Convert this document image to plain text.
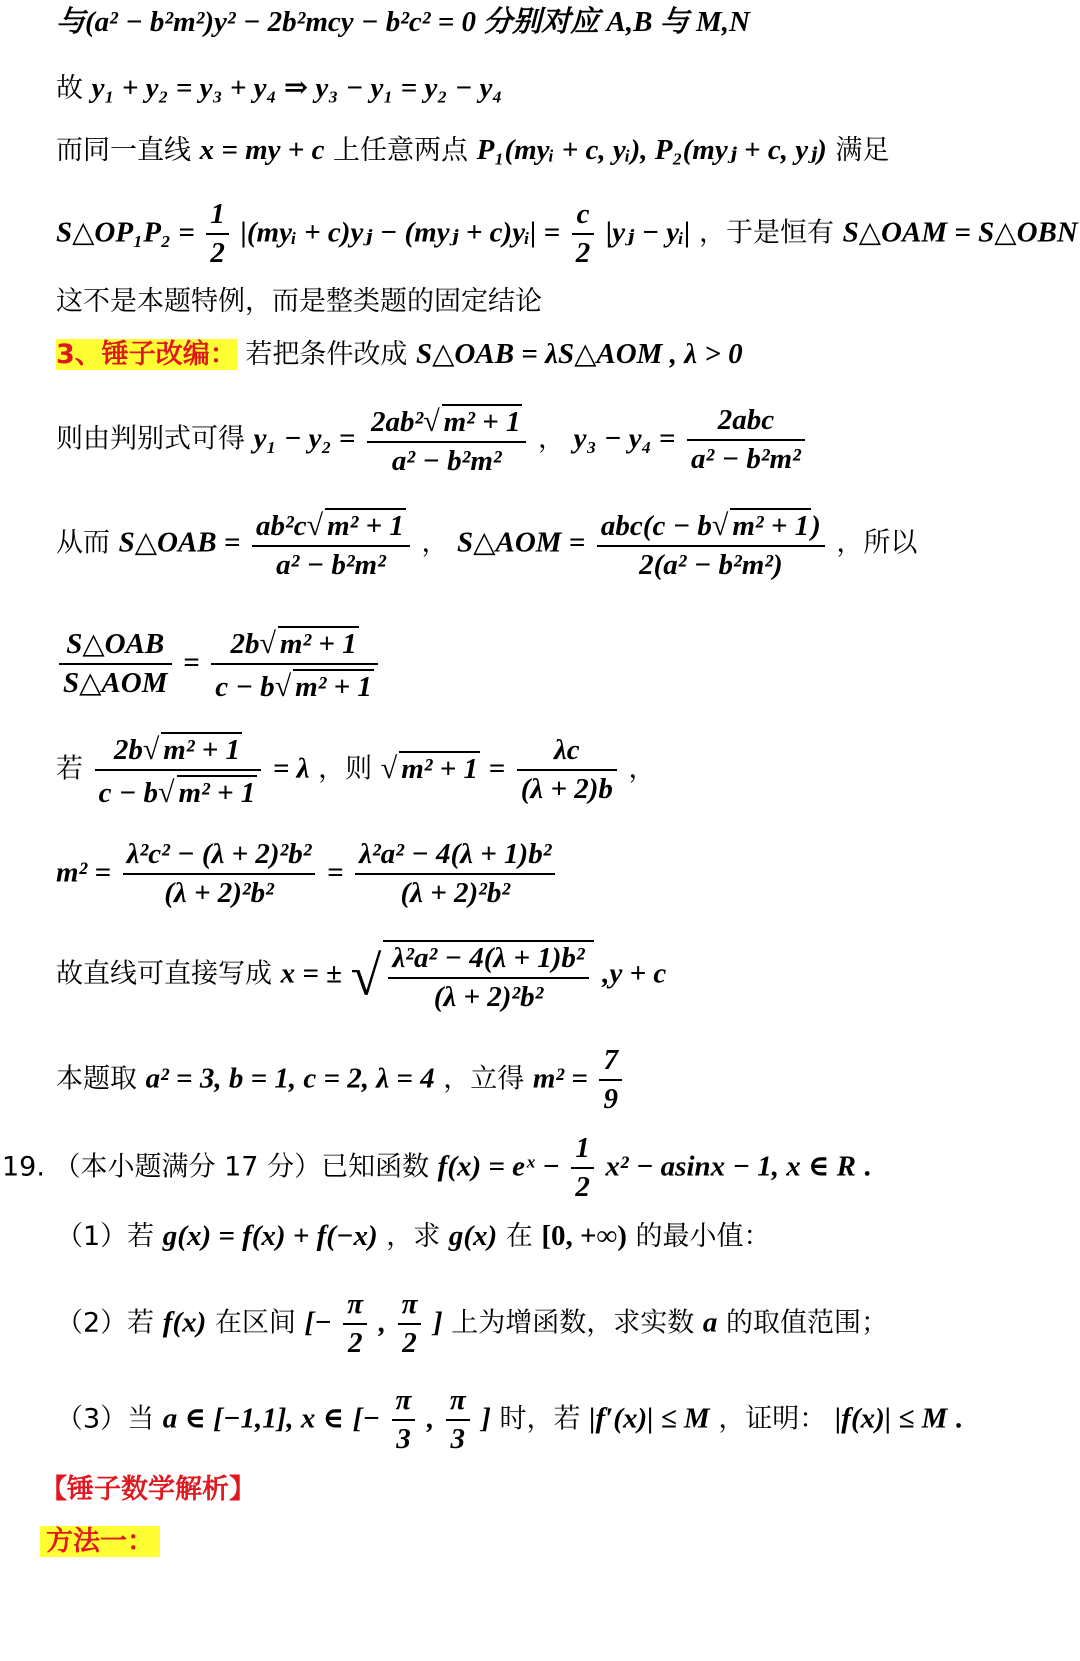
与(a² − b²m²)y² − 2b²mcy − b²c² = 0 分别对应 A,B 与 M,N
故 y₁ + y₂ = y₃ + y₄ ⇒ y₃ − y₁ = y₂ − y₄
而同一直线 x = my + c 上任意两点 P₁(myᵢ + c, yᵢ), P₂(myⱼ + c, yⱼ) 满足
S△OP₁P₂ = $\frac{1}{2}$ |(myᵢ + c)yⱼ − (myⱼ + c)yᵢ| = $\frac{c}{2}$ |yⱼ − yᵢ| ，于是恒有 S△OAM = S△OBN
这不是本题特例，而是整类题的固定结论
3、锤子改编： 若把条件改成 S△OAB = λS△AOM , λ > 0
则由判别式可得 $y_1 - y_2 = \frac{\text{2ab²√ m² + 1}}{\text{a² − b²m²}}$ ， $y_3 - y_4 = \frac{\text{2abc}}{\text{a² − b²m²}}$
从而 S△OAB = $\frac{\text{ab²c√ m² + 1}}{\text{a² − b²m²}}$ ， S△AOM = $\frac{\text{abc(c − b√ m² + 1)}}{\text{2(a² − b²m²)}}$ ，所以
$\frac{\text{S△OAB}}{\text{S△AOM}} = \frac{\text{2b√ m² + 1}}{\text{c − b√ m² + 1}}$
若 $\frac{\text{2b√ m² + 1}}{\text{c − b√ m² + 1}} = \lambda$ ，则 √ $m^2 + 1 = \frac{\lambda c}{(\lambda + 2)b}$ ，
$m^2 = \frac{\text{λ²c² − (λ + 2)²b²}}{\text{(λ + 2)²b²}} = \frac{\text{λ²a² − 4(λ + 1)b²}}{\text{(λ + 2)²b²}}$
故直线可直接写成 x = ± √ $\frac{\text{λ²a² − 4(λ + 1)b²}}{\text{(λ + 2)²b²}} ,y + c$
本题取 a² = 3, b = 1, c = 2, λ = 4 ，立得 $m^2 = \frac{7}{9}$
19. （本小题满分 17 分）已知函数 f(x) = eˣ − $\frac{1}{2} x^2 - asinx - 1$, x ∈ R .
（1）若 g(x) = f(x) + f(−x) ，求 g(x) 在 [0, +∞) 的最小值：
（2）若 f(x) 在区间 [− $\frac{\pi}{2}$ , $\frac{\pi}{2}$ ] 上为增函数，求实数 a 的取值范围；
（3）当 a ∈ [−1,1], x ∈ [− $\frac{\pi}{3}$ , $\frac{\pi}{3}$ ] 时，若 |f′(x)| ≤ M ，证明： |f(x)| ≤ M .
【锤子数学解析】
方法一：
